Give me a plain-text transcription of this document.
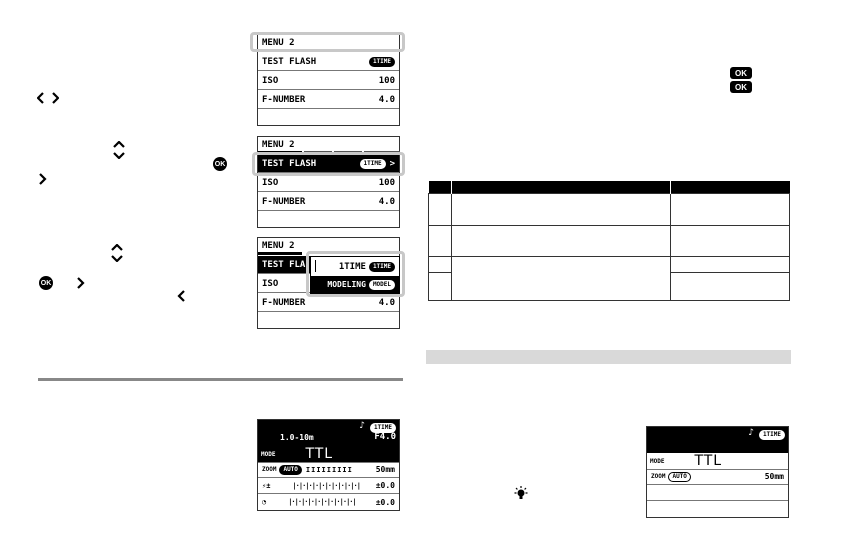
OK
OK
MENU 2
TEST FLASH	1TIME
ISO	100
F-NUMBER	4.0
MENU 2
TEST FLASH	1TIME >
ISO	100
F-NUMBER	4.0
MENU 2
TEST FLA
ISO
F-NUMBER	4.0
1TIME	1TIME
MODELING	MODEL
♪	1TIME
1.0-10m	F4.0
MODE TTL
ZOOM	AUTO	IIIIIIIII	50mm
⚡±	|·|·|·|·|·|·|·|·|·|·| ±0.0
◔	|·|·|·|·|·|·|·|·|·|·|	±0.0
OK
OK

♪	1TIME
MODE TTL
ZOOM	AUTO	50mm
